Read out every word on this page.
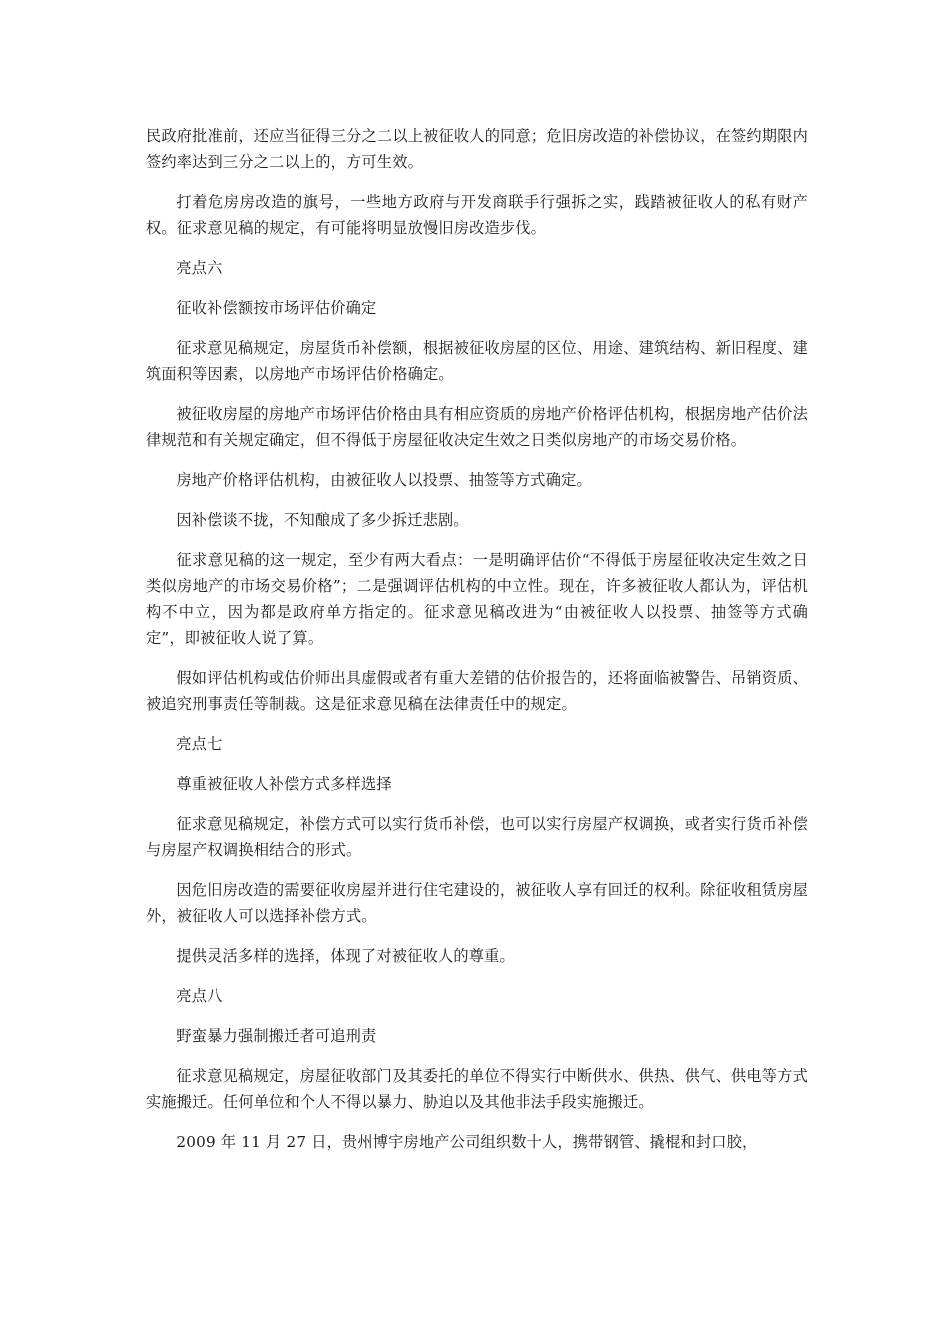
民政府批准前，还应当征得三分之二以上被征收人的同意；危旧房改造的补偿协议，在签约期限内签约率达到三分之二以上的，方可生效。

打着危房房改造的旗号，一些地方政府与开发商联手行强拆之实，践踏被征收人的私有财产权。征求意见稿的规定，有可能将明显放慢旧房改造步伐。

亮点六

征收补偿额按市场评估价确定

征求意见稿规定，房屋货币补偿额，根据被征收房屋的区位、用途、建筑结构、新旧程度、建筑面积等因素，以房地产市场评估价格确定。

被征收房屋的房地产市场评估价格由具有相应资质的房地产价格评估机构，根据房地产估价法律规范和有关规定确定，但不得低于房屋征收决定生效之日类似房地产的市场交易价格。

房地产价格评估机构，由被征收人以投票、抽签等方式确定。

因补偿谈不拢，不知酿成了多少拆迁悲剧。

征求意见稿的这一规定，至少有两大看点：一是明确评估价“不得低于房屋征收决定生效之日类似房地产的市场交易价格”；二是强调评估机构的中立性。现在，许多被征收人都认为，评估机构不中立，因为都是政府单方指定的。征求意见稿改进为“由被征收人以投票、抽签等方式确定”，即被征收人说了算。

假如评估机构或估价师出具虚假或者有重大差错的估价报告的，还将面临被警告、吊销资质、被追究刑事责任等制裁。这是征求意见稿在法律责任中的规定。

亮点七

尊重被征收人补偿方式多样选择

征求意见稿规定，补偿方式可以实行货币补偿，也可以实行房屋产权调换，或者实行货币补偿与房屋产权调换相结合的形式。

因危旧房改造的需要征收房屋并进行住宅建设的，被征收人享有回迁的权利。除征收租赁房屋外，被征收人可以选择补偿方式。

提供灵活多样的选择，体现了对被征收人的尊重。

亮点八

野蛮暴力强制搬迁者可追刑责

征求意见稿规定，房屋征收部门及其委托的单位不得实行中断供水、供热、供气、供电等方式实施搬迁。任何单位和个人不得以暴力、胁迫以及其他非法手段实施搬迁。

2009 年 11 月 27 日，贵州博宇房地产公司组织数十人，携带钢管、撬棍和封口胶，
